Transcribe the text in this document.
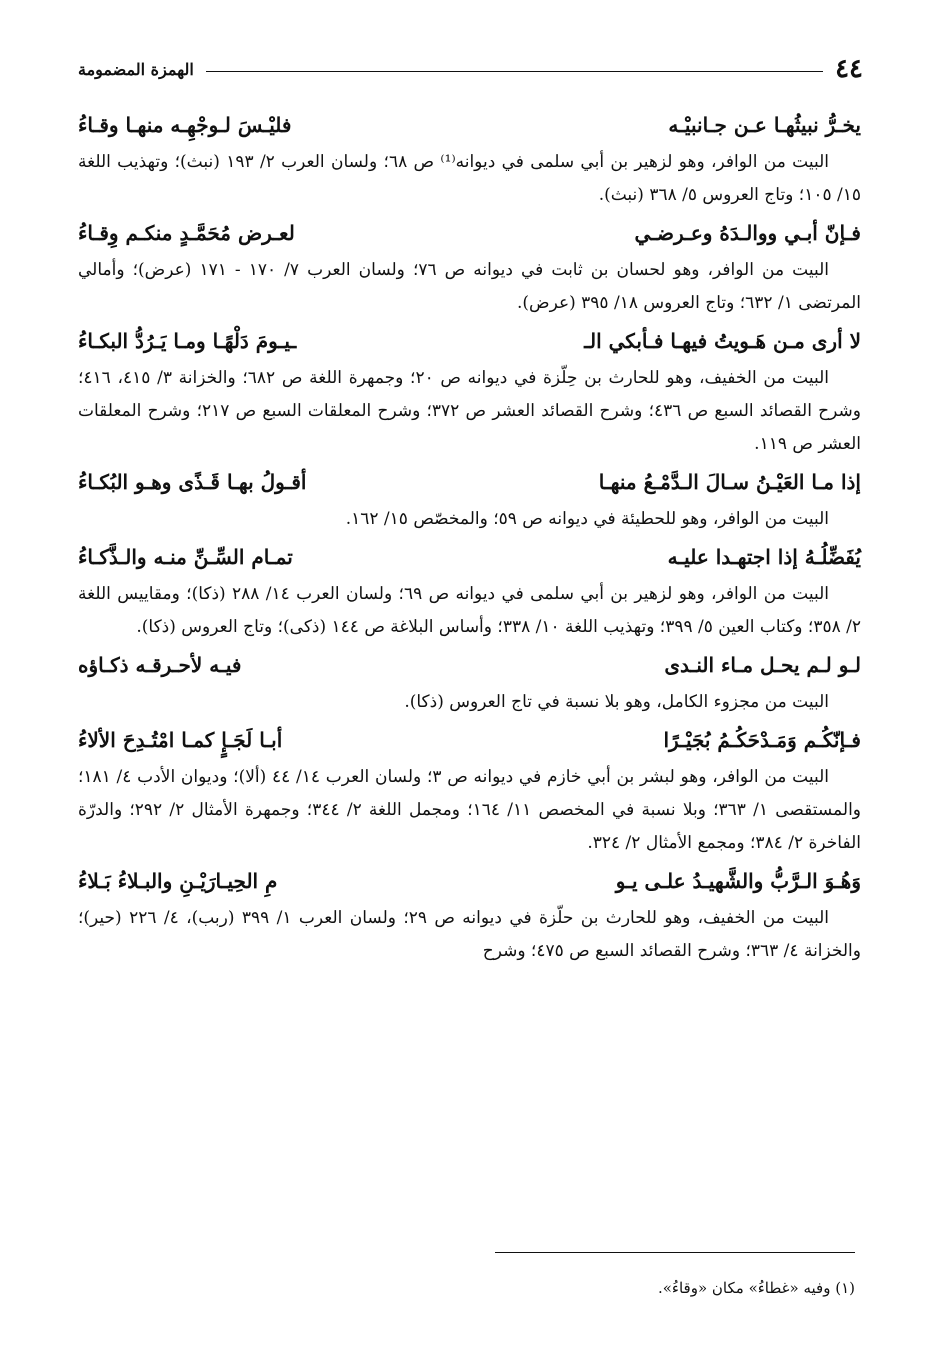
٤٤
الهمزة المضمومة
يخـرُّ نبيثُهـا عـن جـانبيْـه
فليْـسَ لـوجْهِـه منهـا وقـاءُ

البيت من الوافر، وهو لزهير بن أبي سلمى في ديوانه⁽¹⁾ ص ٦٨؛ ولسان العرب ٢/ ١٩٣ (نبث)؛ وتهذيب اللغة ١٥/ ١٠٥؛ وتاج العروس ٥/ ٣٦٨ (نبث).

فـإنّ أبـي ووالـدَهُ وعـرضـي
لعـرض مُحَمَّـدٍ منكـم وِقـاءُ

البيت من الوافر، وهو لحسان بن ثابت في ديوانه ص ٧٦؛ ولسان العرب ٧/ ١٧٠ - ١٧١ (عرض)؛ وأمالي المرتضى ١/ ٦٣٢؛ وتاج العروس ١٨/ ٣٩٥ (عرض).

لا أرى مـن هَـويتُ فيهـا فـأبكي الـ
ـيـومَ دَلْهًـا ومـا يَـرُدُّ البكـاءُ

البيت من الخفيف، وهو للحارث بن حِلّزة في ديوانه ص ٢٠؛ وجمهرة اللغة ص ٦٨٢؛ والخزانة ٣/ ٤١٥، ٤١٦؛ وشرح القصائد السبع ص ٤٣٦؛ وشرح القصائد العشر ص ٣٧٢؛ وشرح المعلقات السبع ص ٢١٧؛ وشرح المعلقات العشر ص ١١٩.

إذا مـا العَيْـنُ سـالَ الـدَّمْـعُ منهـا
أقـولُ بهـا قَـذًى وهـو البُكـاءُ

البيت من الوافر، وهو للحطيئة في ديوانه ص ٥٩؛ والمخصّص ١٥/ ١٦٢.

يُفَضِّلُـهُ إذا اجتهـدا عليـه
تمـام السِّـنِّ منـه والـذَّكـاءُ

البيت من الوافر، وهو لزهير بن أبي سلمى في ديوانه ص ٦٩؛ ولسان العرب ١٤/ ٢٨٨ (ذكا)؛ ومقاييس اللغة ٢/ ٣٥٨؛ وكتاب العين ٥/ ٣٩٩؛ وتهذيب اللغة ١٠/ ٣٣٨؛ وأساس البلاغة ص ١٤٤ (ذكى)؛ وتاج العروس (ذكا).

لـو لـم يحـل مـاء النـدى
فيـه لأحـرقـه ذكـاؤه

البيت من مجزوء الكامل، وهو بلا نسبة في تاج العروس (ذكا).

فـإنّكُـم وَمَـدْحَكُـمُ بُجَيْـرًا
أبـا لَجَـإٍ كمـا امْتُـدِحَ الألاءُ

البيت من الوافر، وهو لبشر بن أبي خازم في ديوانه ص ٣؛ ولسان العرب ١٤/ ٤٤ (ألا)؛ وديوان الأدب ٤/ ١٨١؛ والمستقصى ١/ ٣٦٣؛ وبلا نسبة في المخصص ١١/ ١٦٤؛ ومجمل اللغة ٢/ ٣٤٤؛ وجمهرة الأمثال ٢/ ٢٩٢؛ والدرّة الفاخرة ٢/ ٣٨٤؛ ومجمع الأمثال ٢/ ٣٢٤.

وَهُـوَ الـرَّبُّ والشَّهيـدُ علـى يـو
مِ الحِيـارَيْـنِ والبـلاءُ بَـلاءُ

البيت من الخفيف، وهو للحارث بن حلّزة في ديوانه ص ٢٩؛ ولسان العرب ١/ ٣٩٩ (ربب)، ٤/ ٢٢٦ (حير)؛ والخزانة ٤/ ٣٦٣؛ وشرح القصائد السبع ص ٤٧٥؛ وشرح

(١) وفيه «غطاءُ» مكان «وقاءُ».
